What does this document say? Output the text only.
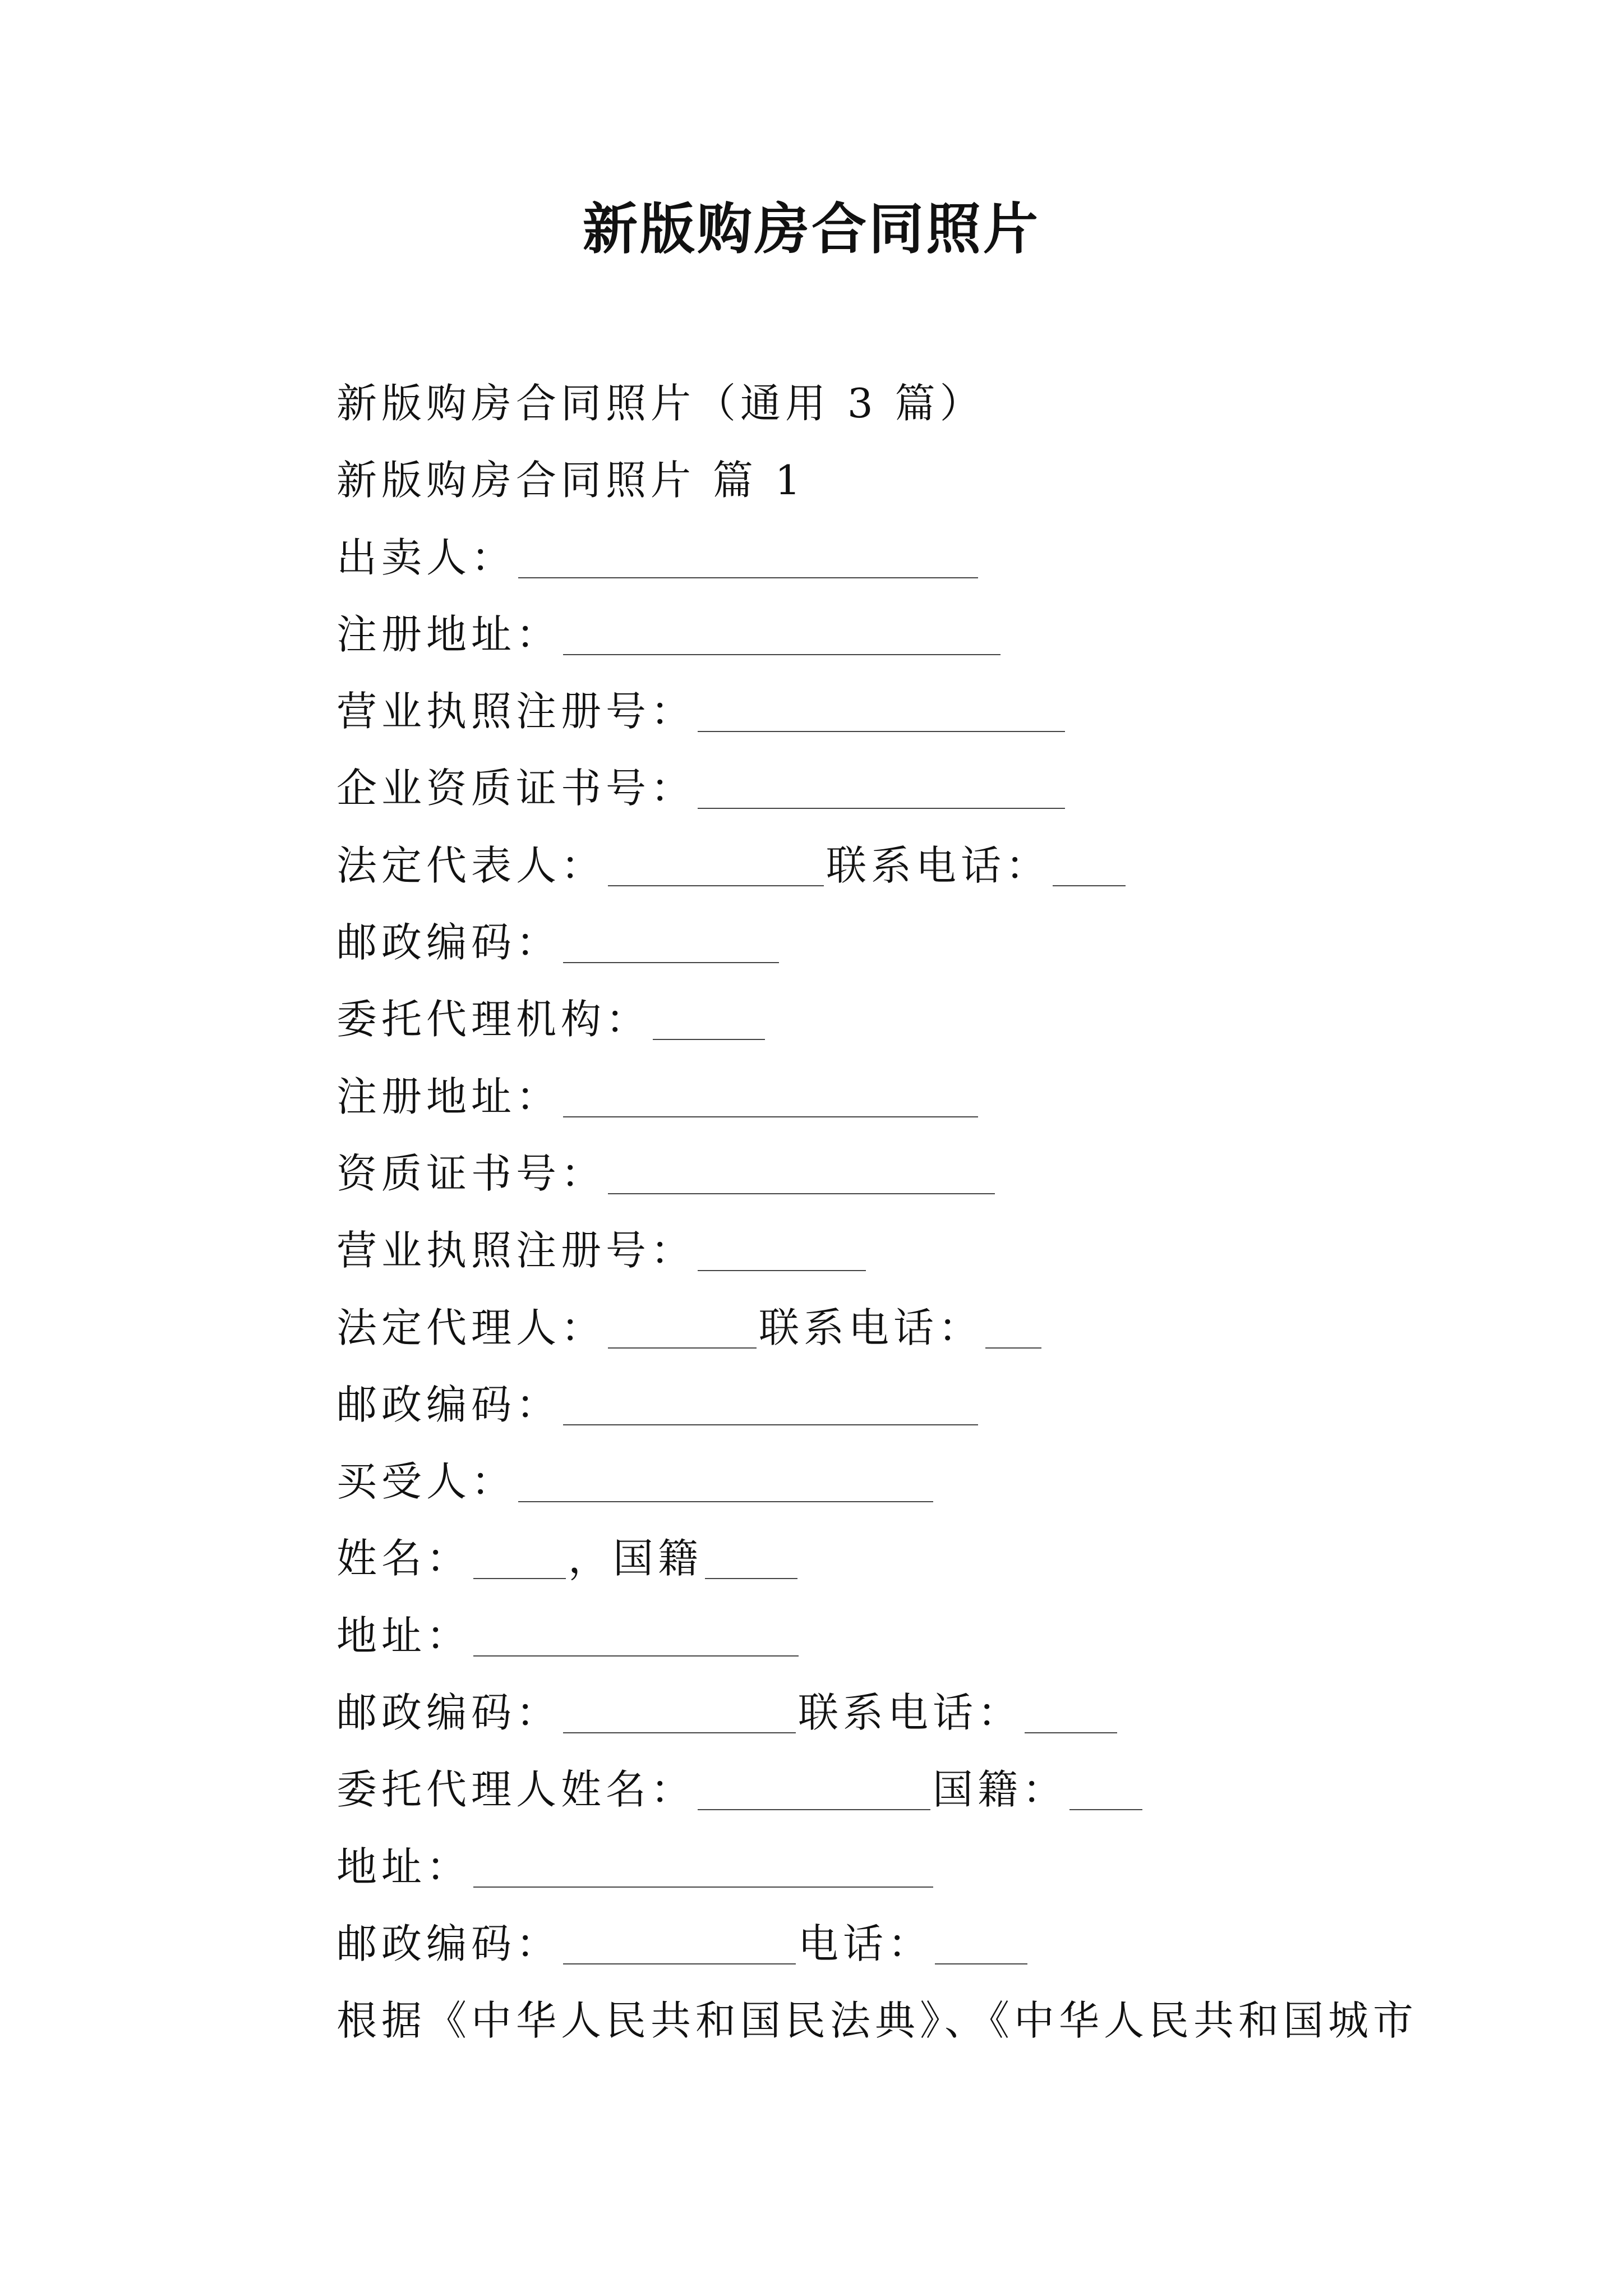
新版购房合同照片
新版购房合同照片（通用 3 篇）
新版购房合同照片 篇 1
出卖人：
注册地址：
营业执照注册号：
企业资质证书号：
法定代表人：	联系电话：
邮政编码：
委托代理机构：
注册地址：
资质证书号：
营业执照注册号：
法定代理人：	联系电话：
邮政编码：
买受人：
姓名： ，国籍
地址：
邮政编码：	联系电话：
委托代理人姓名：	国籍：
地址：
邮政编码：	电话：
根据《中华人民共和国民法典》、《中华人民共和国城市
